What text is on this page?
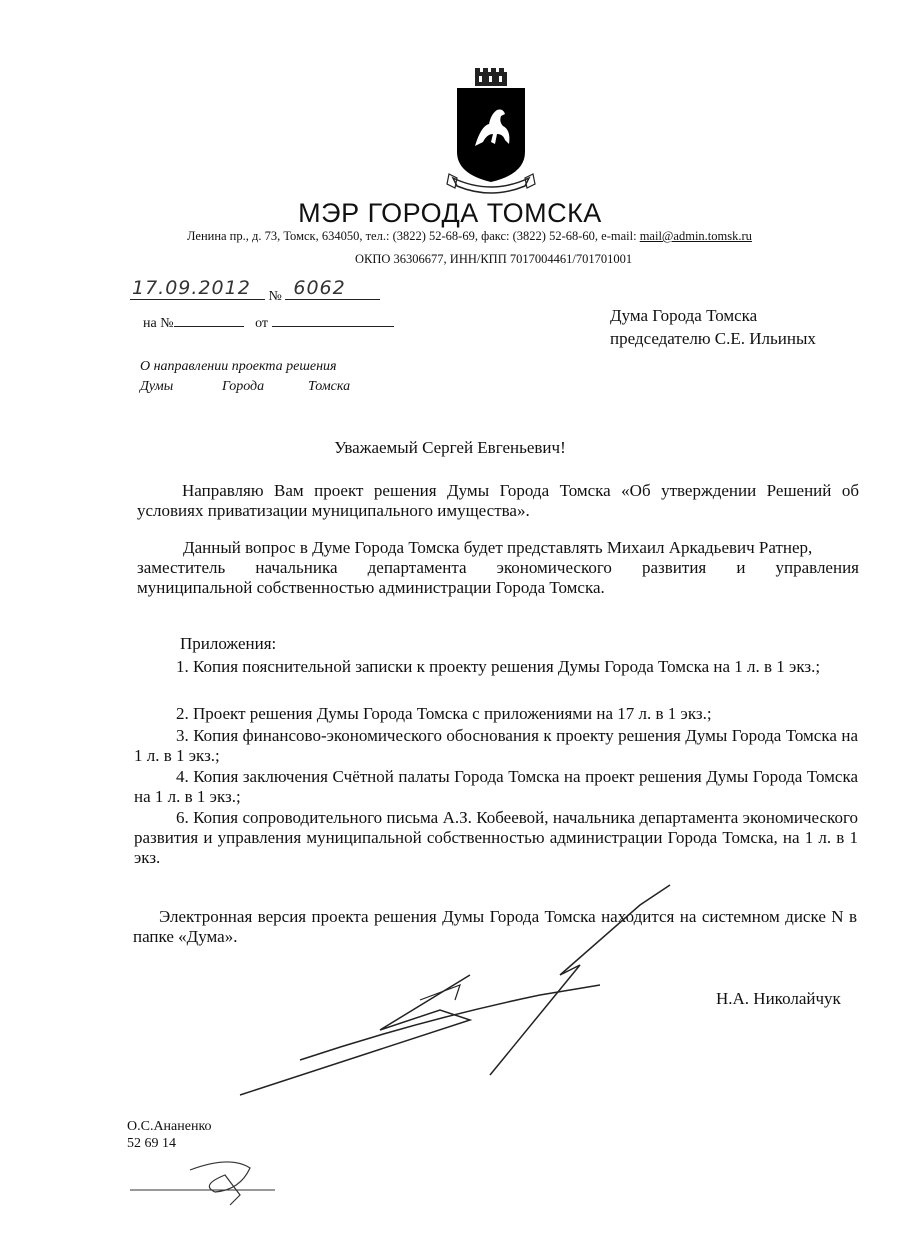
МЭР ГОРОДА ТОМСКА
Ленина пр., д. 73, Томск, 634050, тел.: (3822) 52-68-69, факс: (3822) 52-68-60, e-mail: mail@admin.tomsk.ru
ОКПО 36306677, ИНН/КПП 7017004461/701701001
17.09.2012 № 6062
на №	от	Дума Города Томска
председателю С.Е. Ильиных
О направлении проекта решения
Думы	Города	Томска
Уважаемый Сергей Евгеньевич!
Направляю Вам проект решения Думы Города Томска «Об утверждении Решений об условиях приватизации муниципального имущества».
Данный вопрос в Думе Города Томска будет представлять Михаил Аркадьевич Ратнер,
заместитель начальника департамента экономического развития и управления
муниципальной собственностью администрации Города Томска.
Приложения:
1. Копия пояснительной записки к проекту решения Думы Города Томска на 1 л. в 1 экз.;
2. Проект решения Думы Города Томска с приложениями на 17 л. в 1 экз.;
3. Копия финансово-экономического обоснования к проекту решения Думы Города Томска на 1 л. в 1 экз.;
4. Копия заключения Счётной палаты Города Томска на проект решения Думы Города Томска на 1 л. в 1 экз.;
6. Копия сопроводительного письма А.З. Кобеевой, начальника департамента экономического развития и управления муниципальной собственностью администрации Города Томска, на 1 л. в 1 экз.
Электронная версия проекта решения Думы Города Томска находится на системном диске N в папке «Дума».
Н.А. Николайчук
О.С.Ананенко
52 69 14
